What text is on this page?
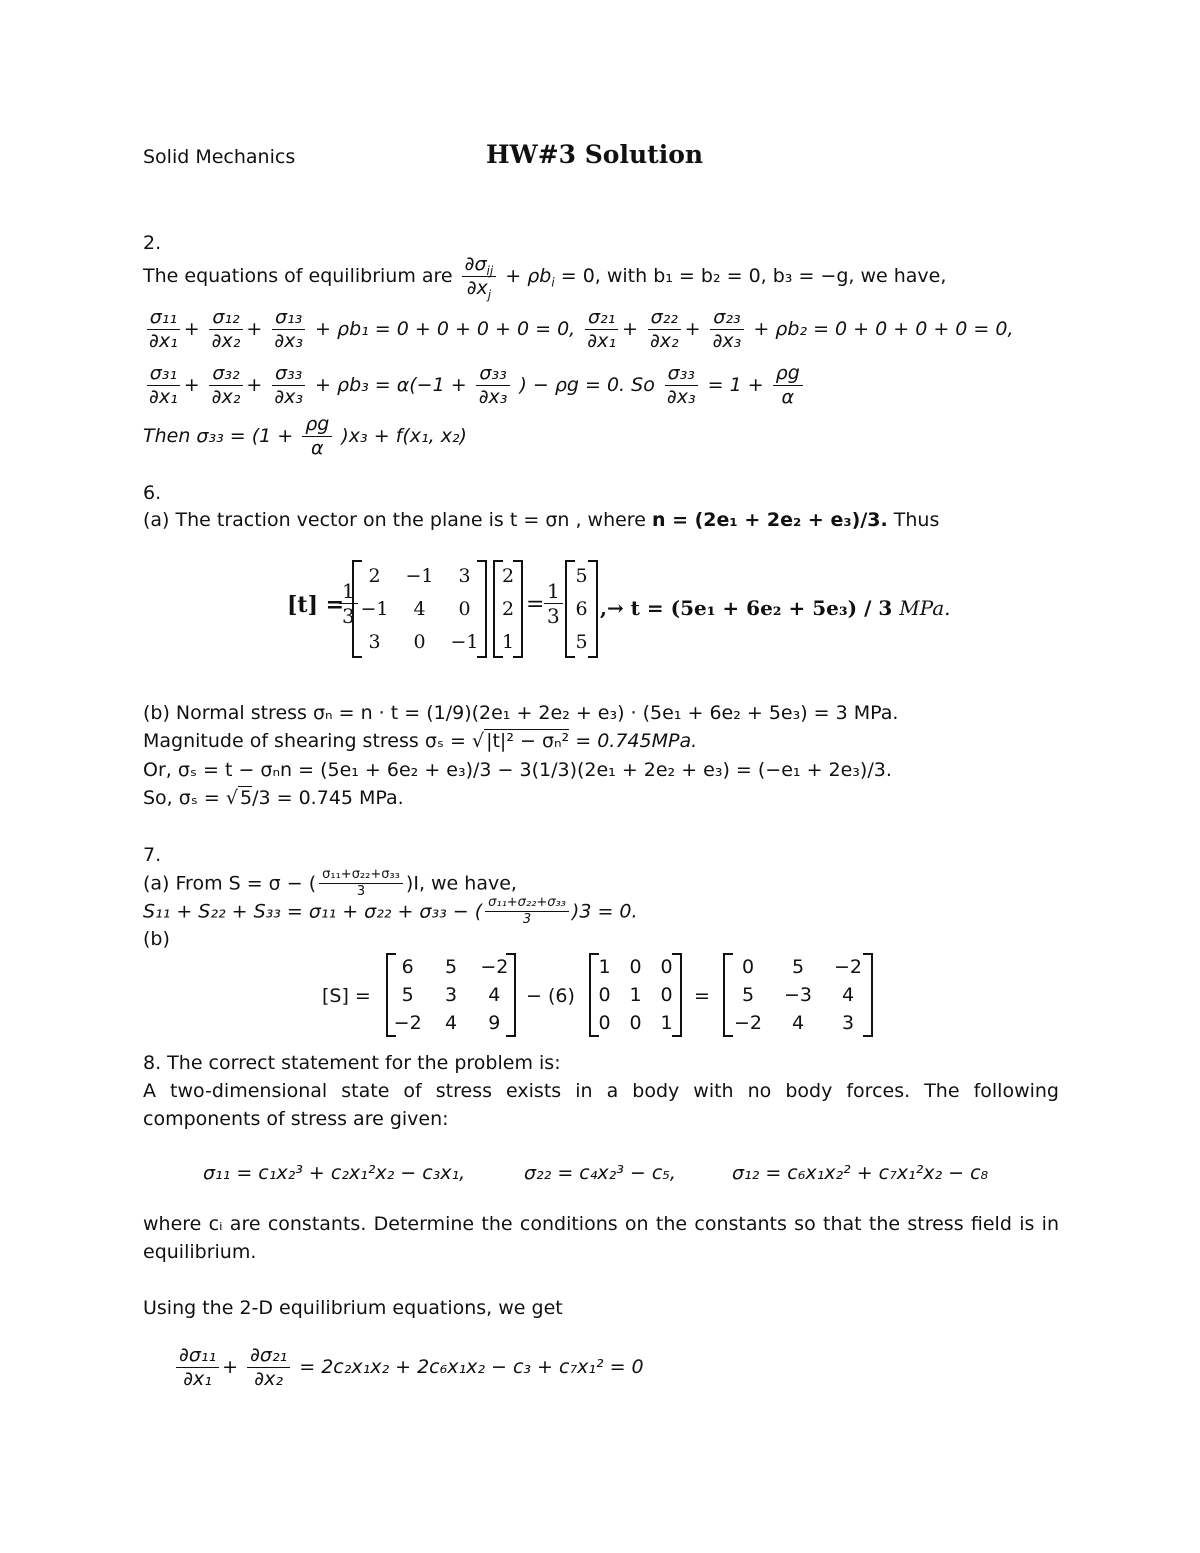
Solid Mechanics	HW#3 Solution
2.
The equations of equilibrium are $\frac{\partial\sigma_{ij}}{\partial x_j} + \rho b_i = 0$, with b₁ = b₂ = 0, b₃ = −g, we have,
$\frac{\text{σ₁₁}}{\text{∂x₁}} + \frac{\text{σ₁₂}}{\text{∂x₂}} + \frac{\text{σ₁₃}}{\text{∂x₃}} + \rho b_1 = 0 + 0 + 0 + 0 = 0$, $\frac{\text{σ₂₁}}{\text{∂x₁}} + \frac{\text{σ₂₂}}{\text{∂x₂}} + \frac{\text{σ₂₃}}{\text{∂x₃}} + \rho b_2 = 0 + 0 + 0 + 0 = 0$,
$\frac{\text{σ₃₁}}{\text{∂x₁}} + \frac{\text{σ₃₂}}{\text{∂x₂}} + \frac{\text{σ₃₃}}{\text{∂x₃}} + \rho b_3 = \alpha(-1 + \frac{\text{σ₃₃}}{\text{∂x₃}}$ ) − ρg = 0. So $\frac{\text{σ₃₃}}{\text{∂x₃}} = 1 + \frac{\rho g}{\alpha}$
Then $\sigma_{33} = (1 + \frac{\rho g}{\alpha} )x_3 + f(x_1$, x₂)
6.
(a) The traction vector on the plane is t = σn , where n = (2e₁ + 2e₂ + e₃)/3. Thus
[t] =
$\frac{1}{3}$
2 −1 3
−1 4 0
3 0 −1
2
2
1
= $\frac{1}{3}$
5
6
5
,→ t = (5e₁ + 6e₂ + 5e₃) / 3 MPa.
(b) Normal stress σₙ = n · t = (1/9)(2e₁ + 2e₂ + e₃) · (5e₁ + 6e₂ + 5e₃) = 3 MPa.
Magnitude of shearing stress σₛ = √ |t|² − σₙ² = 0.745MPa.
Or, σₛ = t − σₙn = (5e₁ + 6e₂ + e₃)/3 − 3(1/3)(2e₁ + 2e₂ + e₃) = (−e₁ + 2e₃)/3.
So, σₛ = √ 5/3 = 0.745 MPa.
7.
(a) From S = σ − ( $\frac{\text{σ₁₁+σ₂₂+σ₃₃}}{3} )I$, we have,
S₁₁ + S₂₂ + S₃₃ = σ₁₁ + σ₂₂ + σ₃₃ − ( $\frac{\text{σ₁₁+σ₂₂+σ₃₃}}{3} )3 = 0$.
(b)
[S] =
6 5 −2
5 3 4
−2 4 9
− (6)
1 0 0
0 1 0
0 0 1
=
0 5 −2
5 −3 4
−2 4 3
8. The correct statement for the problem is:
A two-dimensional state of stress exists in a body with no body forces. The following components of stress are given:
σ₁₁ = c₁x₂³ + c₂x₁²x₂ − c₃x₁,	σ₂₂ = c₄x₂³ − c₅,	σ₁₂ = c₆x₁x₂² + c₇x₁²x₂ − c₈
where cᵢ are constants. Determine the conditions on the constants so that the stress field is in equilibrium.
Using the 2-D equilibrium equations, we get
$\frac{\text{∂σ₁₁}}{\text{∂x₁}} + \frac{\text{∂σ₂₁}}{\text{∂x₂}} = 2c_2x_1x_2 + 2c_6x_1x_2 - c_3 + c_7x_1^2 = 0$
